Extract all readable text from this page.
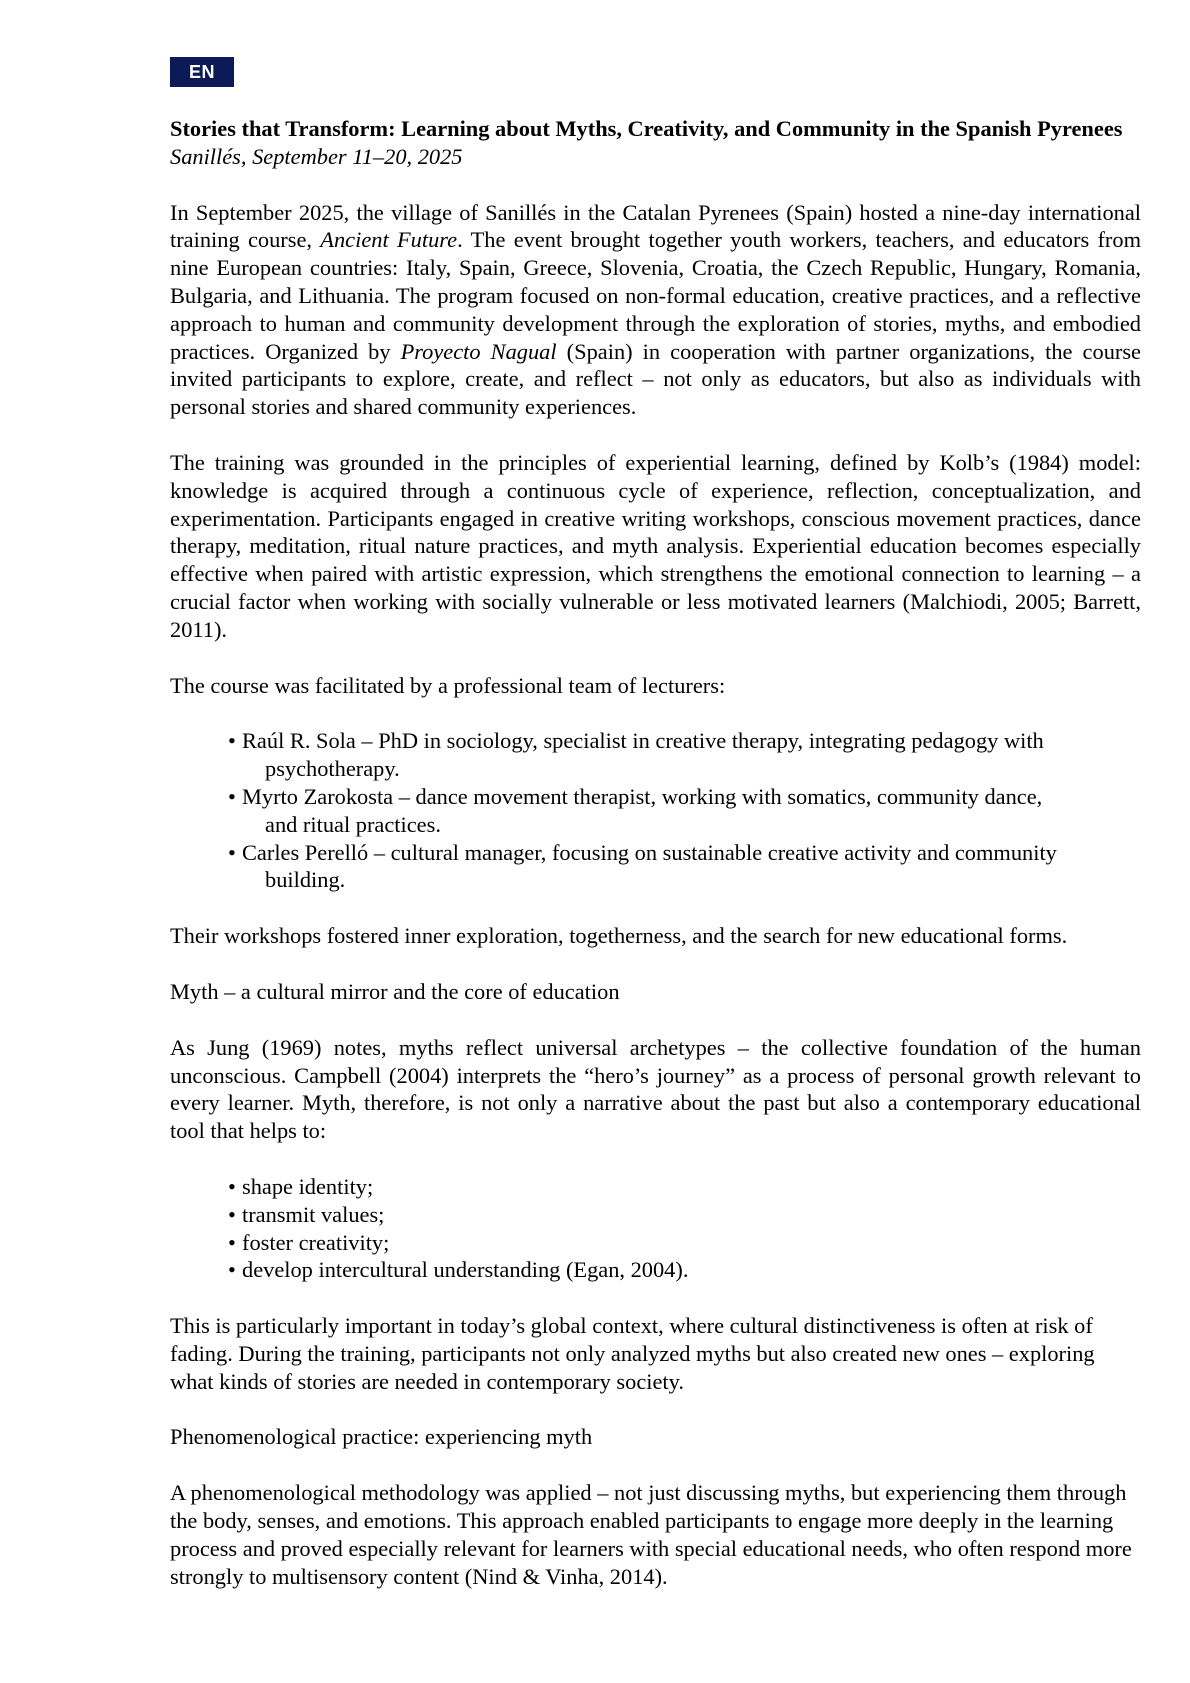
EN
Stories that Transform: Learning about Myths, Creativity, and Community in the Spanish Pyrenees
Sanillés, September 11–20, 2025

In September 2025, the village of Sanillés in the Catalan Pyrenees (Spain) hosted a nine-day international training course, Ancient Future. The event brought together youth workers, teachers, and educators from nine European countries: Italy, Spain, Greece, Slovenia, Croatia, the Czech Republic, Hungary, Romania, Bulgaria, and Lithuania. The program focused on non-formal education, creative practices, and a reflective approach to human and community development through the exploration of stories, myths, and embodied practices. Organized by Proyecto Nagual (Spain) in cooperation with partner organizations, the course invited participants to explore, create, and reflect – not only as educators, but also as individuals with personal stories and shared community experiences.

The training was grounded in the principles of experiential learning, defined by Kolb’s (1984) model: knowledge is acquired through a continuous cycle of experience, reflection, conceptualization, and experimentation. Participants engaged in creative writing workshops, conscious movement practices, dance therapy, meditation, ritual nature practices, and myth analysis. Experiential education becomes especially effective when paired with artistic expression, which strengthens the emotional connection to learning – a crucial factor when working with socially vulnerable or less motivated learners (Malchiodi, 2005; Barrett, 2011).

The course was facilitated by a professional team of lecturers:

• Raúl R. Sola – PhD in sociology, specialist in creative therapy, integrating pedagogy with
psychotherapy.
• Myrto Zarokosta – dance movement therapist, working with somatics, community dance,
and ritual practices.
• Carles Perelló – cultural manager, focusing on sustainable creative activity and community
building.

Their workshops fostered inner exploration, togetherness, and the search for new educational forms.

Myth – a cultural mirror and the core of education

As Jung (1969) notes, myths reflect universal archetypes – the collective foundation of the human unconscious. Campbell (2004) interprets the “hero’s journey” as a process of personal growth relevant to every learner. Myth, therefore, is not only a narrative about the past but also a contemporary educational tool that helps to:

• shape identity;
• transmit values;
• foster creativity;
• develop intercultural understanding (Egan, 2004).

This is particularly important in today’s global context, where cultural distinctiveness is often at risk of fading. During the training, participants not only analyzed myths but also created new ones – exploring what kinds of stories are needed in contemporary society.

Phenomenological practice: experiencing myth

A phenomenological methodology was applied – not just discussing myths, but experiencing them through the body, senses, and emotions. This approach enabled participants to engage more deeply in the learning process and proved especially relevant for learners with special educational needs, who often respond more strongly to multisensory content (Nind & Vinha, 2014).
